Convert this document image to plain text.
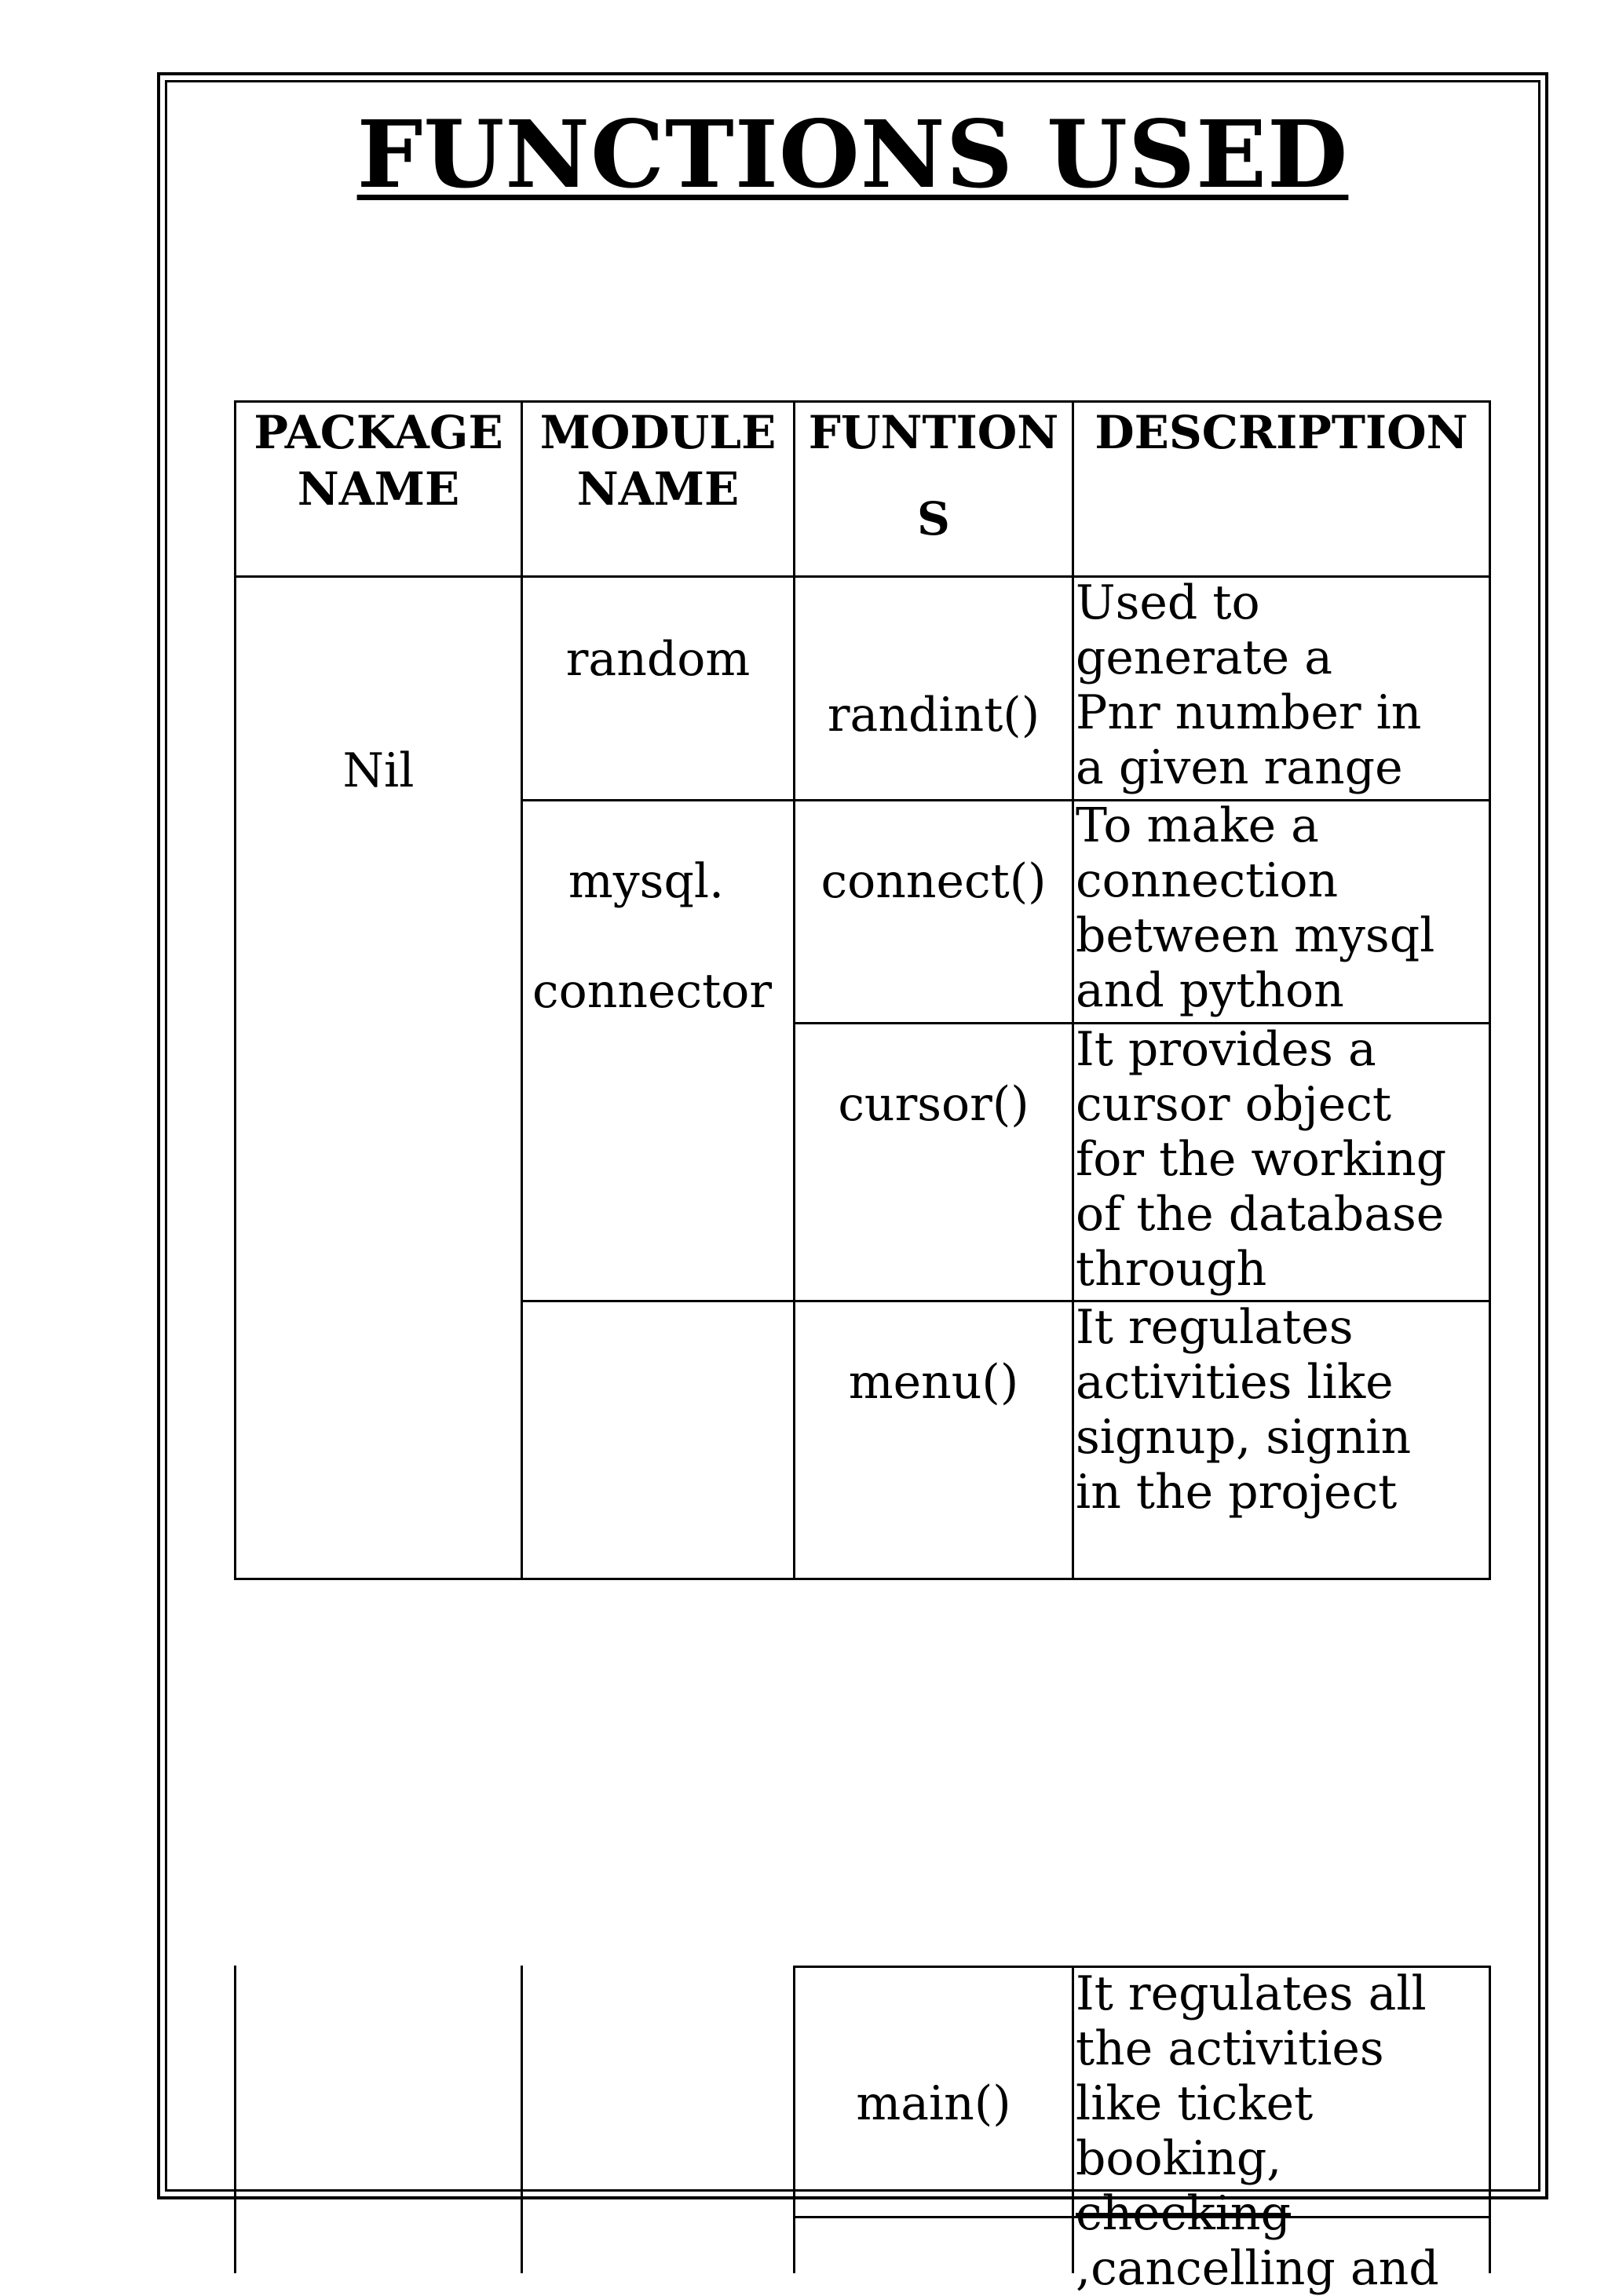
FUNCTIONS USED
PACKAGE
NAME
MODULE
NAME
FUNTION
S
DESCRIPTION
Nil
random
randint()
Used to
generate a
Pnr number in
a given range
mysql.
connector
connect()
To make a
connection
between mysql
and python
cursor()
It provides a
cursor object
for the working
of the database
through
menu()
It regulates
activities like
signup, signin
in the project
main()
It regulates all
the activities
like ticket
booking,
checking
,cancelling and
